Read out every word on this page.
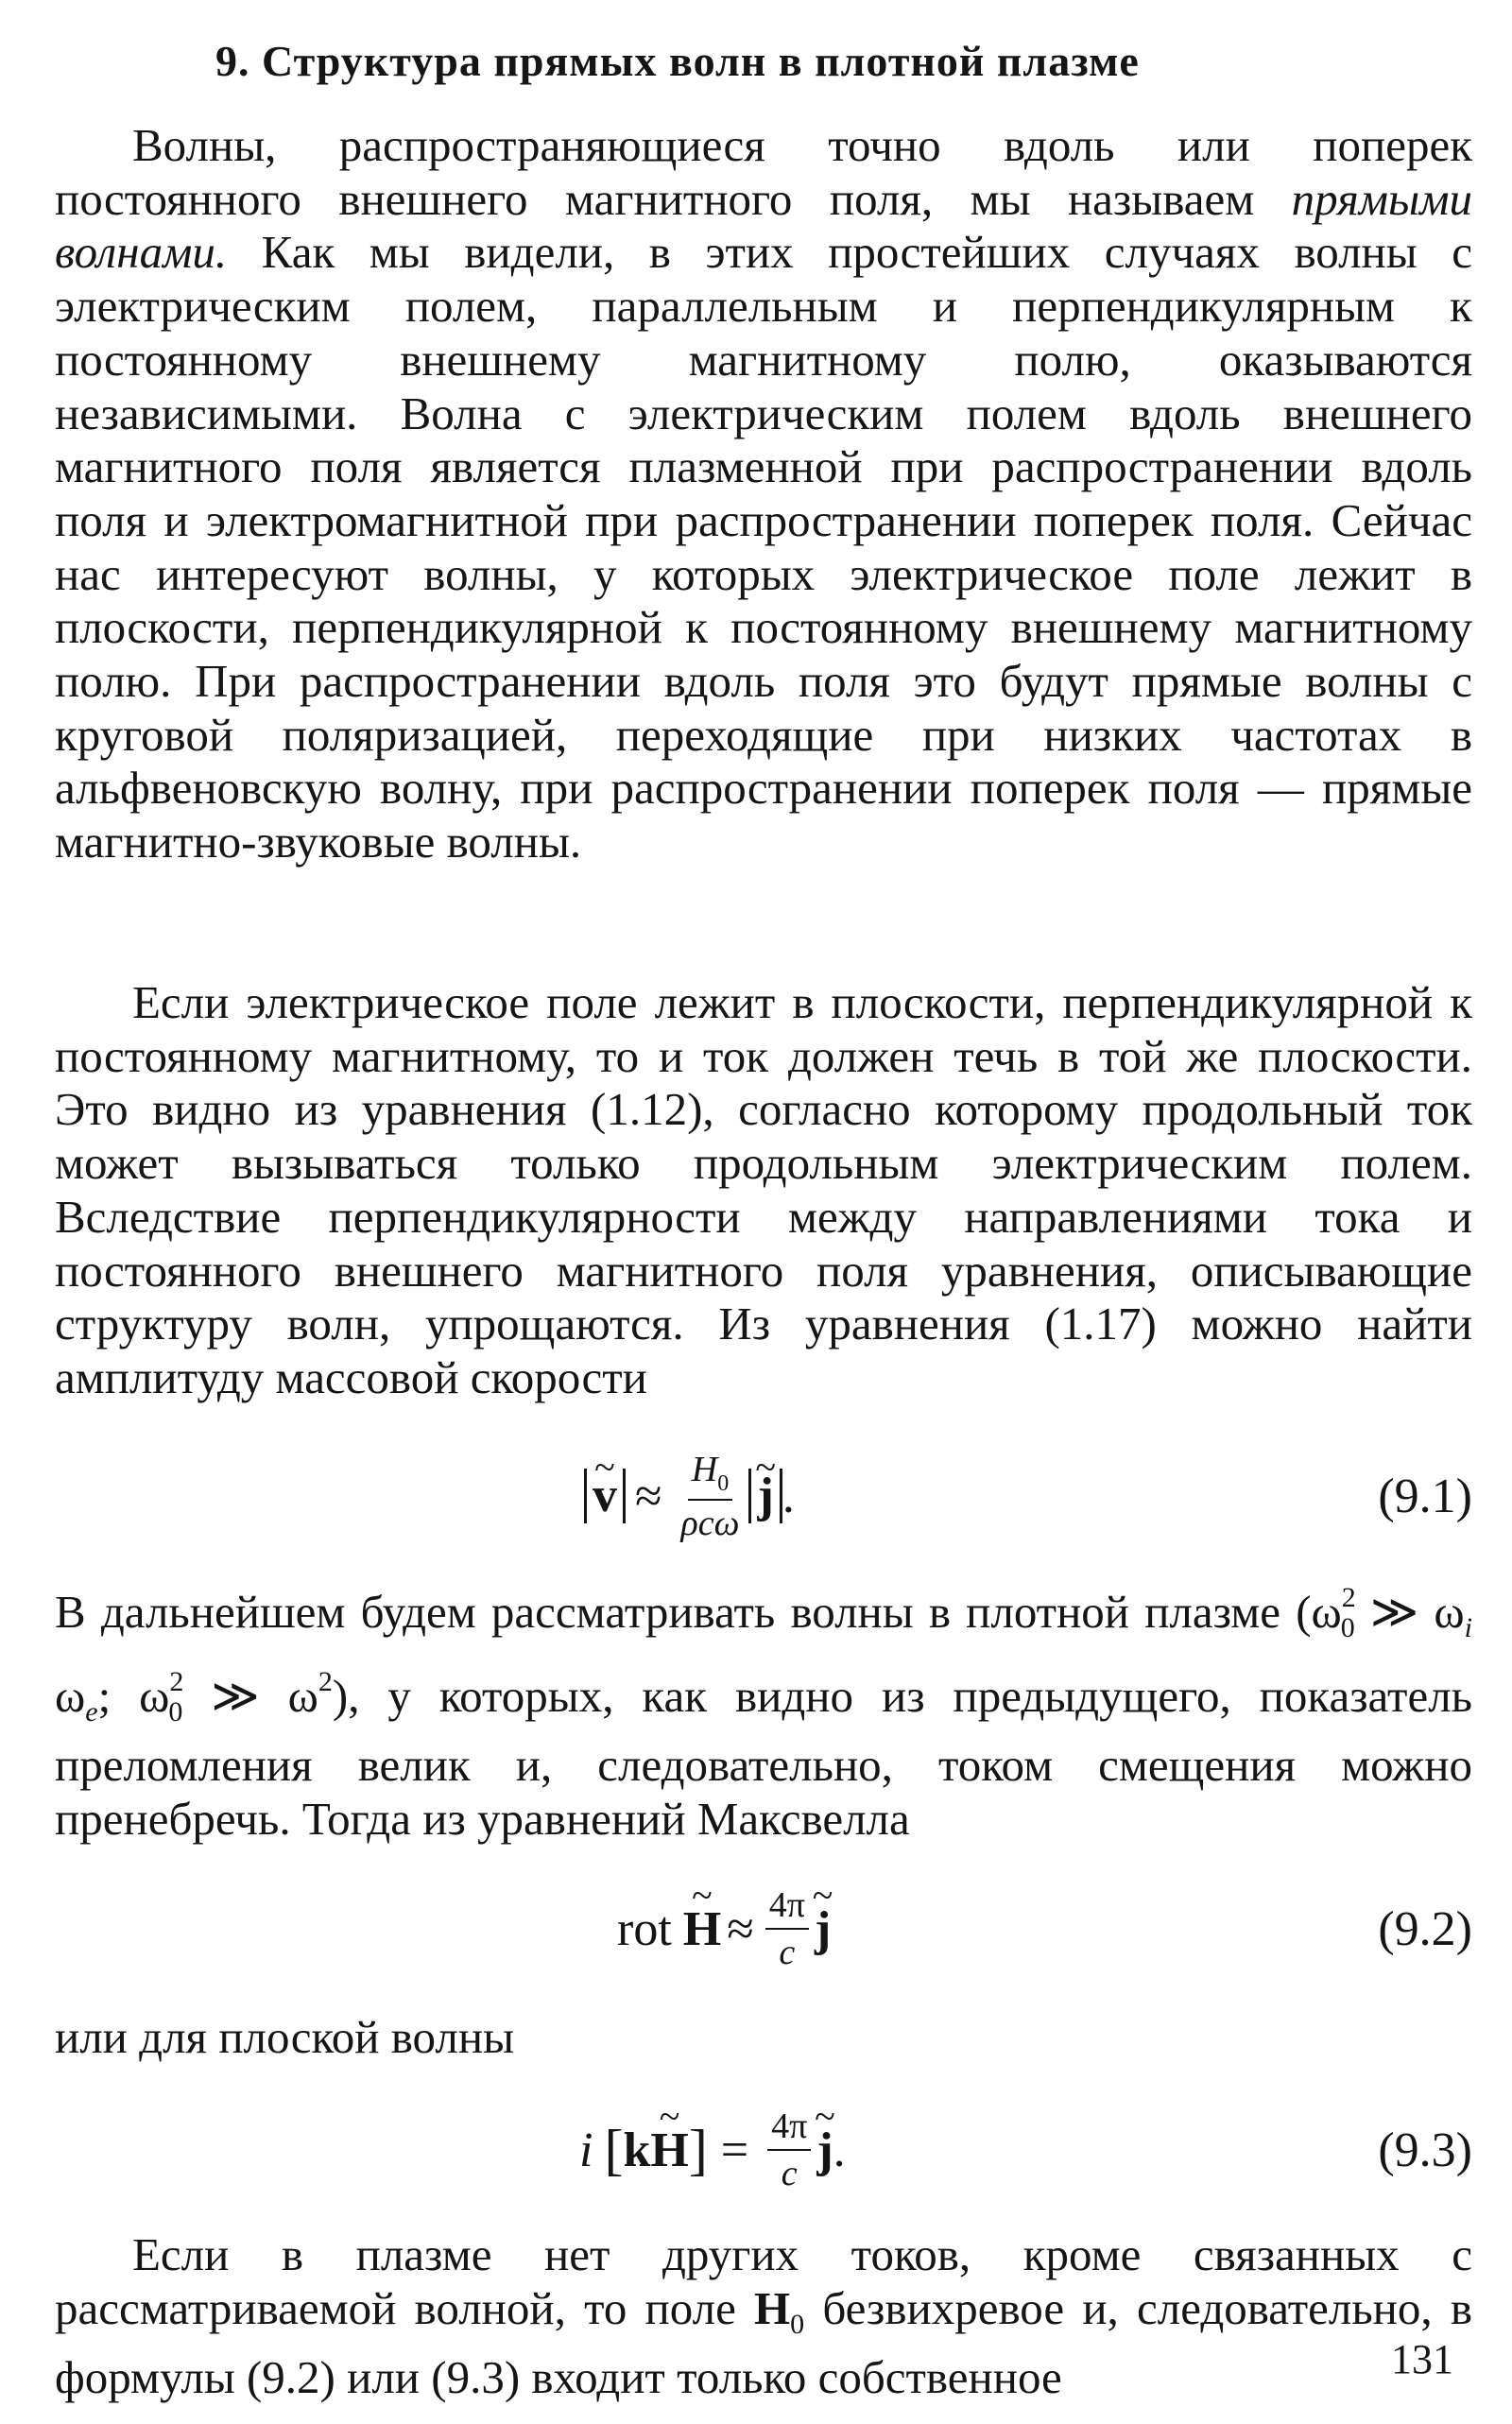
9. Структура прямых волн в плотной плазме
Волны, распространяющиеся точно вдоль или поперек постоянного внешнего магнитного поля, мы называем прямыми волнами. Как мы видели, в этих простейших случаях волны с электрическим полем, параллельным и перпендикулярным к постоянному внешнему магнитному полю, оказываются независимыми. Волна с электрическим полем вдоль внешнего магнитного поля является плазменной при распространении вдоль поля и электромагнитной при распространении поперек поля. Сейчас нас интересуют волны, у которых электрическое поле лежит в плоскости, перпендикулярной к постоянному внешнему магнитному полю. При распространении вдоль поля это будут прямые волны с круговой поляризацией, переходящие при низких частотах в альфвеновскую волну, при распространении поперек поля — прямые магнитно-звуковые волны.
Если электрическое поле лежит в плоскости, перпендикулярной к постоянному магнитному, то и ток должен течь в той же плоскости. Это видно из уравнения (1.12), согласно которому продольный ток может вызываться только продольным электрическим полем. Вследствие перпендикулярности между направлениями тока и постоянного внешнего магнитного поля уравнения, описывающие структуру волн, упрощаются. Из уравнения (1.17) можно найти амплитуду массовой скорости
~ $v \approx \frac{H_0}{\text{ρcω}}$ ~ j .	(9.1)
В дальнейшем будем рассматривать волны в плотной плазме ($\omega^2_0$ ≫ $\omega_i$ $\omega_e$; $\omega^2_0$ ≫ $\omega^2$), у которых, как видно из предыдущего, показатель преломления велик и, следовательно, током смещения можно пренебречь. Тогда из уравнений Максвелла
rot ~ $H \approx \frac{4\pi}{c}$ ~ j	(9.2)
или для плоской волны
i [ k ~ H ] = $\frac{4\pi}{c}$ ~ j .	(9.3)
Если в плазме нет других токов, кроме связанных с рассматриваемой волной, то поле $H_0$ безвихревое и, следовательно, в формулы (9.2) или (9.3) входит только собственное	131
